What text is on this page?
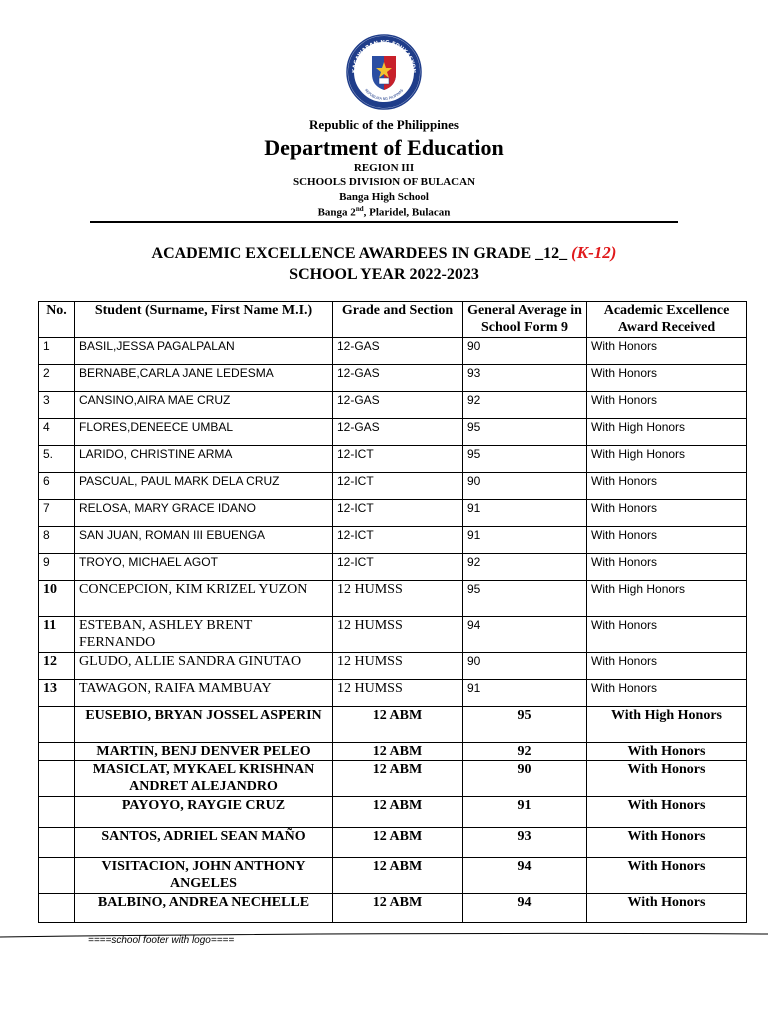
KAGAWARAN NG EDUKASYON
REPUBLIKA NG PILIPINAS
Republic of the Philippines
Department of Education
REGION III
SCHOOLS DIVISION OF BULACAN
Banga High School
Banga 2nd, Plaridel, Bulacan
ACADEMIC EXCELLENCE AWARDEES IN GRADE _12_ (K-12)
SCHOOL YEAR 2022-2023
No.	Student (Surname, First Name M.I.)	Grade and Section	General Average in School Form 9	Academic Excellence Award Received
1	BASIL,JESSA PAGALPALAN	12-GAS	90	With Honors
2	BERNABE,CARLA JANE LEDESMA	12-GAS	93	With Honors
3	CANSINO,AIRA MAE CRUZ	12-GAS	92	With Honors
4	FLORES,DENEECE UMBAL	12-GAS	95	With High Honors
5.	LARIDO, CHRISTINE ARMA	12-ICT	95	With High Honors
6	PASCUAL, PAUL MARK DELA CRUZ	12-ICT	90	With Honors
7	RELOSA, MARY GRACE IDANO	12-ICT	91	With Honors
8	SAN JUAN, ROMAN III EBUENGA	12-ICT	91	With Honors
9	TROYO, MICHAEL AGOT	12-ICT	92	With Honors
10	CONCEPCION, KIM KRIZEL YUZON	12 HUMSS	95	With High Honors
11	ESTEBAN, ASHLEY BRENT FERNANDO	12 HUMSS	94	With Honors
12	GLUDO, ALLIE SANDRA GINUTAO	12 HUMSS	90	With Honors
13	TAWAGON, RAIFA MAMBUAY	12 HUMSS	91	With Honors
	EUSEBIO, BRYAN JOSSEL ASPERIN	12 ABM	95	With High Honors
	MARTIN, BENJ DENVER PELEO	12 ABM	92	With Honors
	MASICLAT, MYKAEL KRISHNAN ANDRET ALEJANDRO	12 ABM	90	With Honors
	PAYOYO, RAYGIE CRUZ	12 ABM	91	With Honors
	SANTOS, ADRIEL SEAN MAÑO	12 ABM	93	With Honors
	VISITACION, JOHN ANTHONY ANGELES	12 ABM	94	With Honors
	BALBINO, ANDREA NECHELLE	12 ABM	94	With Honors
====school footer with logo====
